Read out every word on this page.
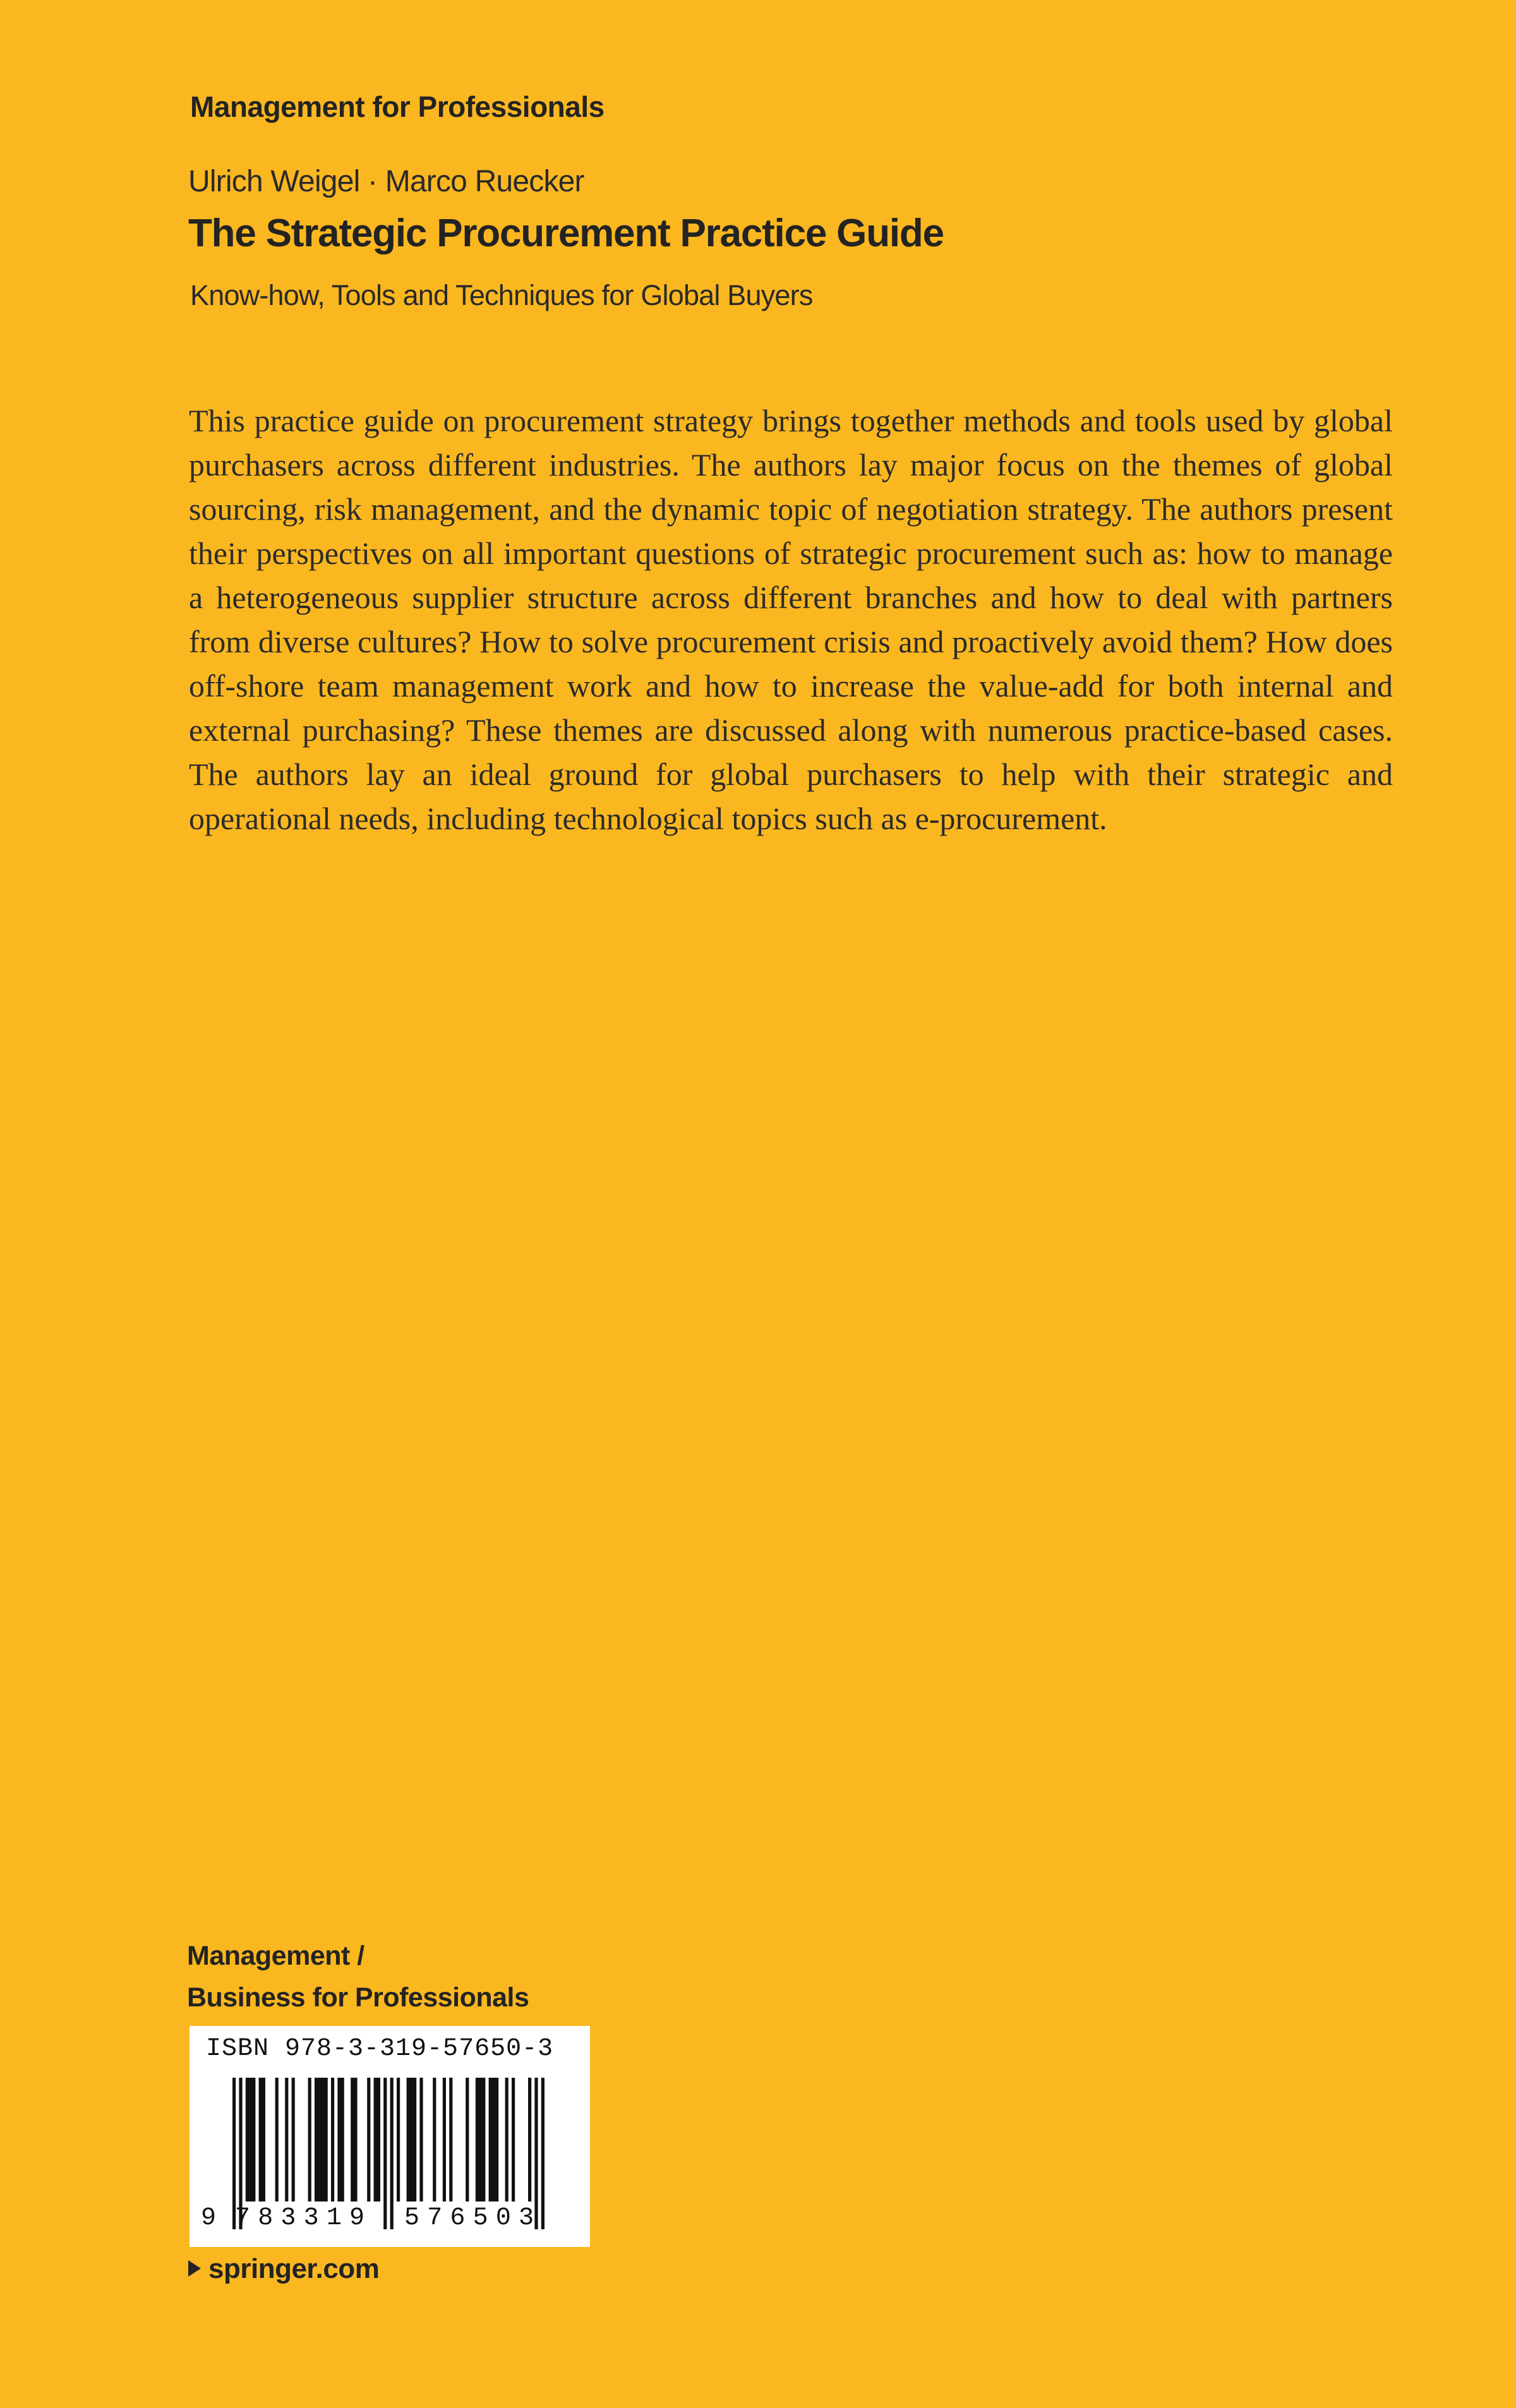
Management for Professionals
Ulrich Weigel · Marco Ruecker
The Strategic Procurement Practice Guide
Know-how, Tools and Techniques for Global Buyers
This practice guide on procurement strategy brings together methods and tools used by global purchasers across different industries. The authors lay major focus on the themes of global sourcing, risk management, and the dynamic topic of negotiation strategy. The authors present their perspectives on all important questions of strategic procurement such as: how to manage a heterogeneous supplier structure across different branches and how to deal with partners from diverse cultures? How to solve procurement crisis and proactively avoid them? How does off-shore team management work and how to increase the value-add for both internal and external purchasing? These themes are discussed along with numerous practice-based cases. The authors lay an ideal ground for global purchasers to help with their strategic and operational needs, including technological topics such as e-procurement.
Management /
Business for Professionals
ISBN 978-3-319-57650-3
9 783319 576503
springer.com
